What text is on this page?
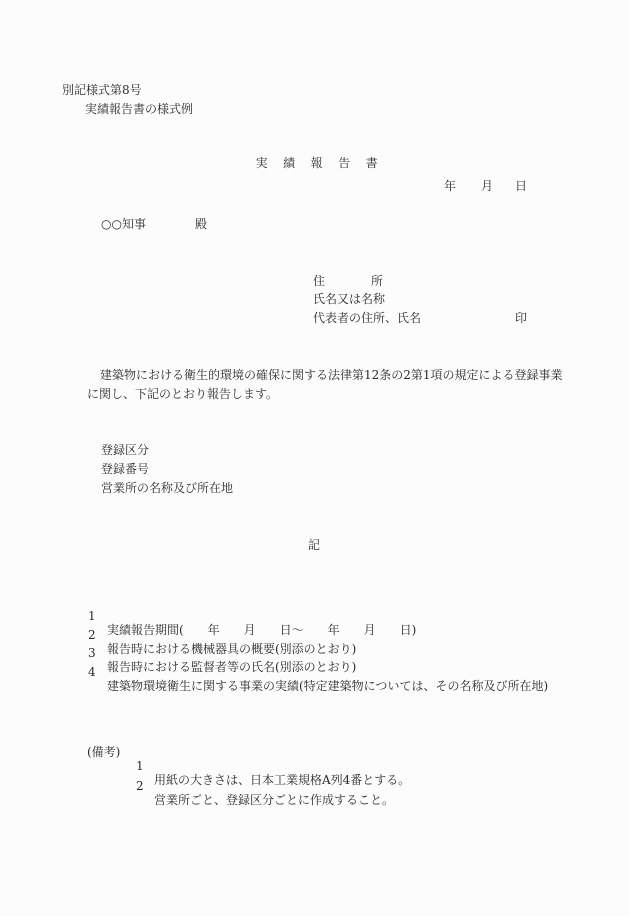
別記様式第8号
実績報告書の様式例

実 績 報 告 書

年

月

日

○○知事	殿
住	所
氏名又は名称
代表者の住所、氏名	印
建築物における衛生的環境の確保に関する法律第12条の2第1項の規定による登録事業
に関し、下記のとおり報告します。
登録区分
登録番号
営業所の名称及び所在地
記

1

実績報告期間(　　年　　月　　日〜　　年　　月　　日)

2

報告時における機械器具の概要(別添のとおり)

3

報告時における監督者等の氏名(別添のとおり)

4

建築物環境衛生に関する事業の実績(特定建築物については、その名称及び所在地)

(備考)

1

用紙の大きさは、日本工業規格A列4番とする。

2

営業所ごと、登録区分ごとに作成すること。
